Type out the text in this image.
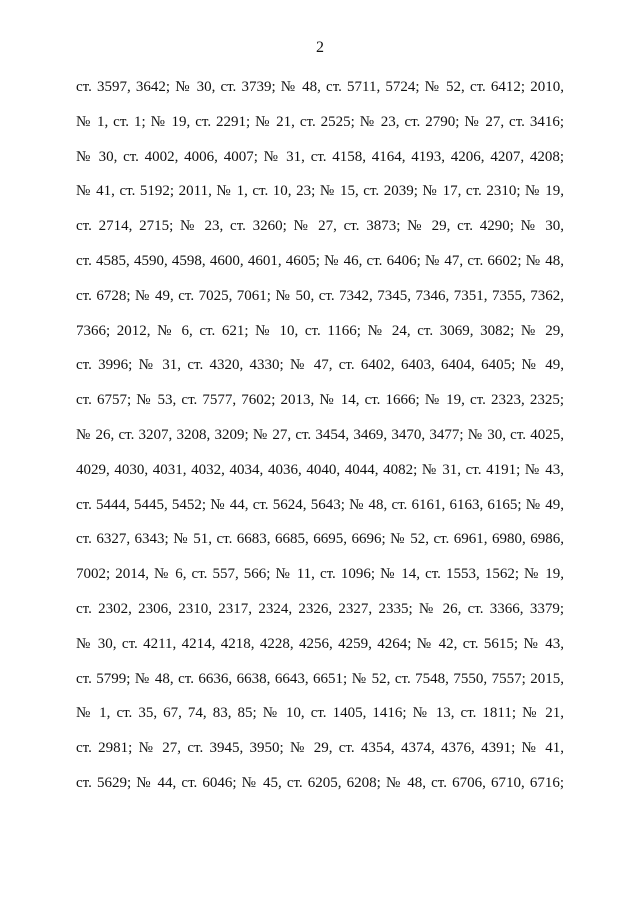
2
ст. 3597, 3642; № 30, ст. 3739; № 48, ст. 5711, 5724; № 52, ст. 6412; 2010,
№ 1, ст. 1; № 19, ст. 2291; № 21, ст. 2525; № 23, ст. 2790; № 27, ст. 3416;
№ 30, ст. 4002, 4006, 4007; № 31, ст. 4158, 4164, 4193, 4206, 4207, 4208;
№ 41, ст. 5192; 2011, № 1, ст. 10, 23; № 15, ст. 2039; № 17, ст. 2310; № 19,
ст. 2714, 2715; № 23, ст. 3260; № 27, ст. 3873; № 29, ст. 4290; № 30,
ст. 4585, 4590, 4598, 4600, 4601, 4605; № 46, ст. 6406; № 47, ст. 6602; № 48,
ст. 6728; № 49, ст. 7025, 7061; № 50, ст. 7342, 7345, 7346, 7351, 7355, 7362,
7366; 2012, № 6, ст. 621; № 10, ст. 1166; № 24, ст. 3069, 3082; № 29,
ст. 3996; № 31, ст. 4320, 4330; № 47, ст. 6402, 6403, 6404, 6405; № 49,
ст. 6757; № 53, ст. 7577, 7602; 2013, № 14, ст. 1666; № 19, ст. 2323, 2325;
№ 26, ст. 3207, 3208, 3209; № 27, ст. 3454, 3469, 3470, 3477; № 30, ст. 4025,
4029, 4030, 4031, 4032, 4034, 4036, 4040, 4044, 4082; № 31, ст. 4191; № 43,
ст. 5444, 5445, 5452; № 44, ст. 5624, 5643; № 48, ст. 6161, 6163, 6165; № 49,
ст. 6327, 6343; № 51, ст. 6683, 6685, 6695, 6696; № 52, ст. 6961, 6980, 6986,
7002; 2014, № 6, ст. 557, 566; № 11, ст. 1096; № 14, ст. 1553, 1562; № 19,
ст. 2302, 2306, 2310, 2317, 2324, 2326, 2327, 2335; № 26, ст. 3366, 3379;
№ 30, ст. 4211, 4214, 4218, 4228, 4256, 4259, 4264; № 42, ст. 5615; № 43,
ст. 5799; № 48, ст. 6636, 6638, 6643, 6651; № 52, ст. 7548, 7550, 7557; 2015,
№ 1, ст. 35, 67, 74, 83, 85; № 10, ст. 1405, 1416; № 13, ст. 1811; № 21,
ст. 2981; № 27, ст. 3945, 3950; № 29, ст. 4354, 4374, 4376, 4391; № 41,
ст. 5629; № 44, ст. 6046; № 45, ст. 6205, 6208; № 48, ст. 6706, 6710, 6716;
